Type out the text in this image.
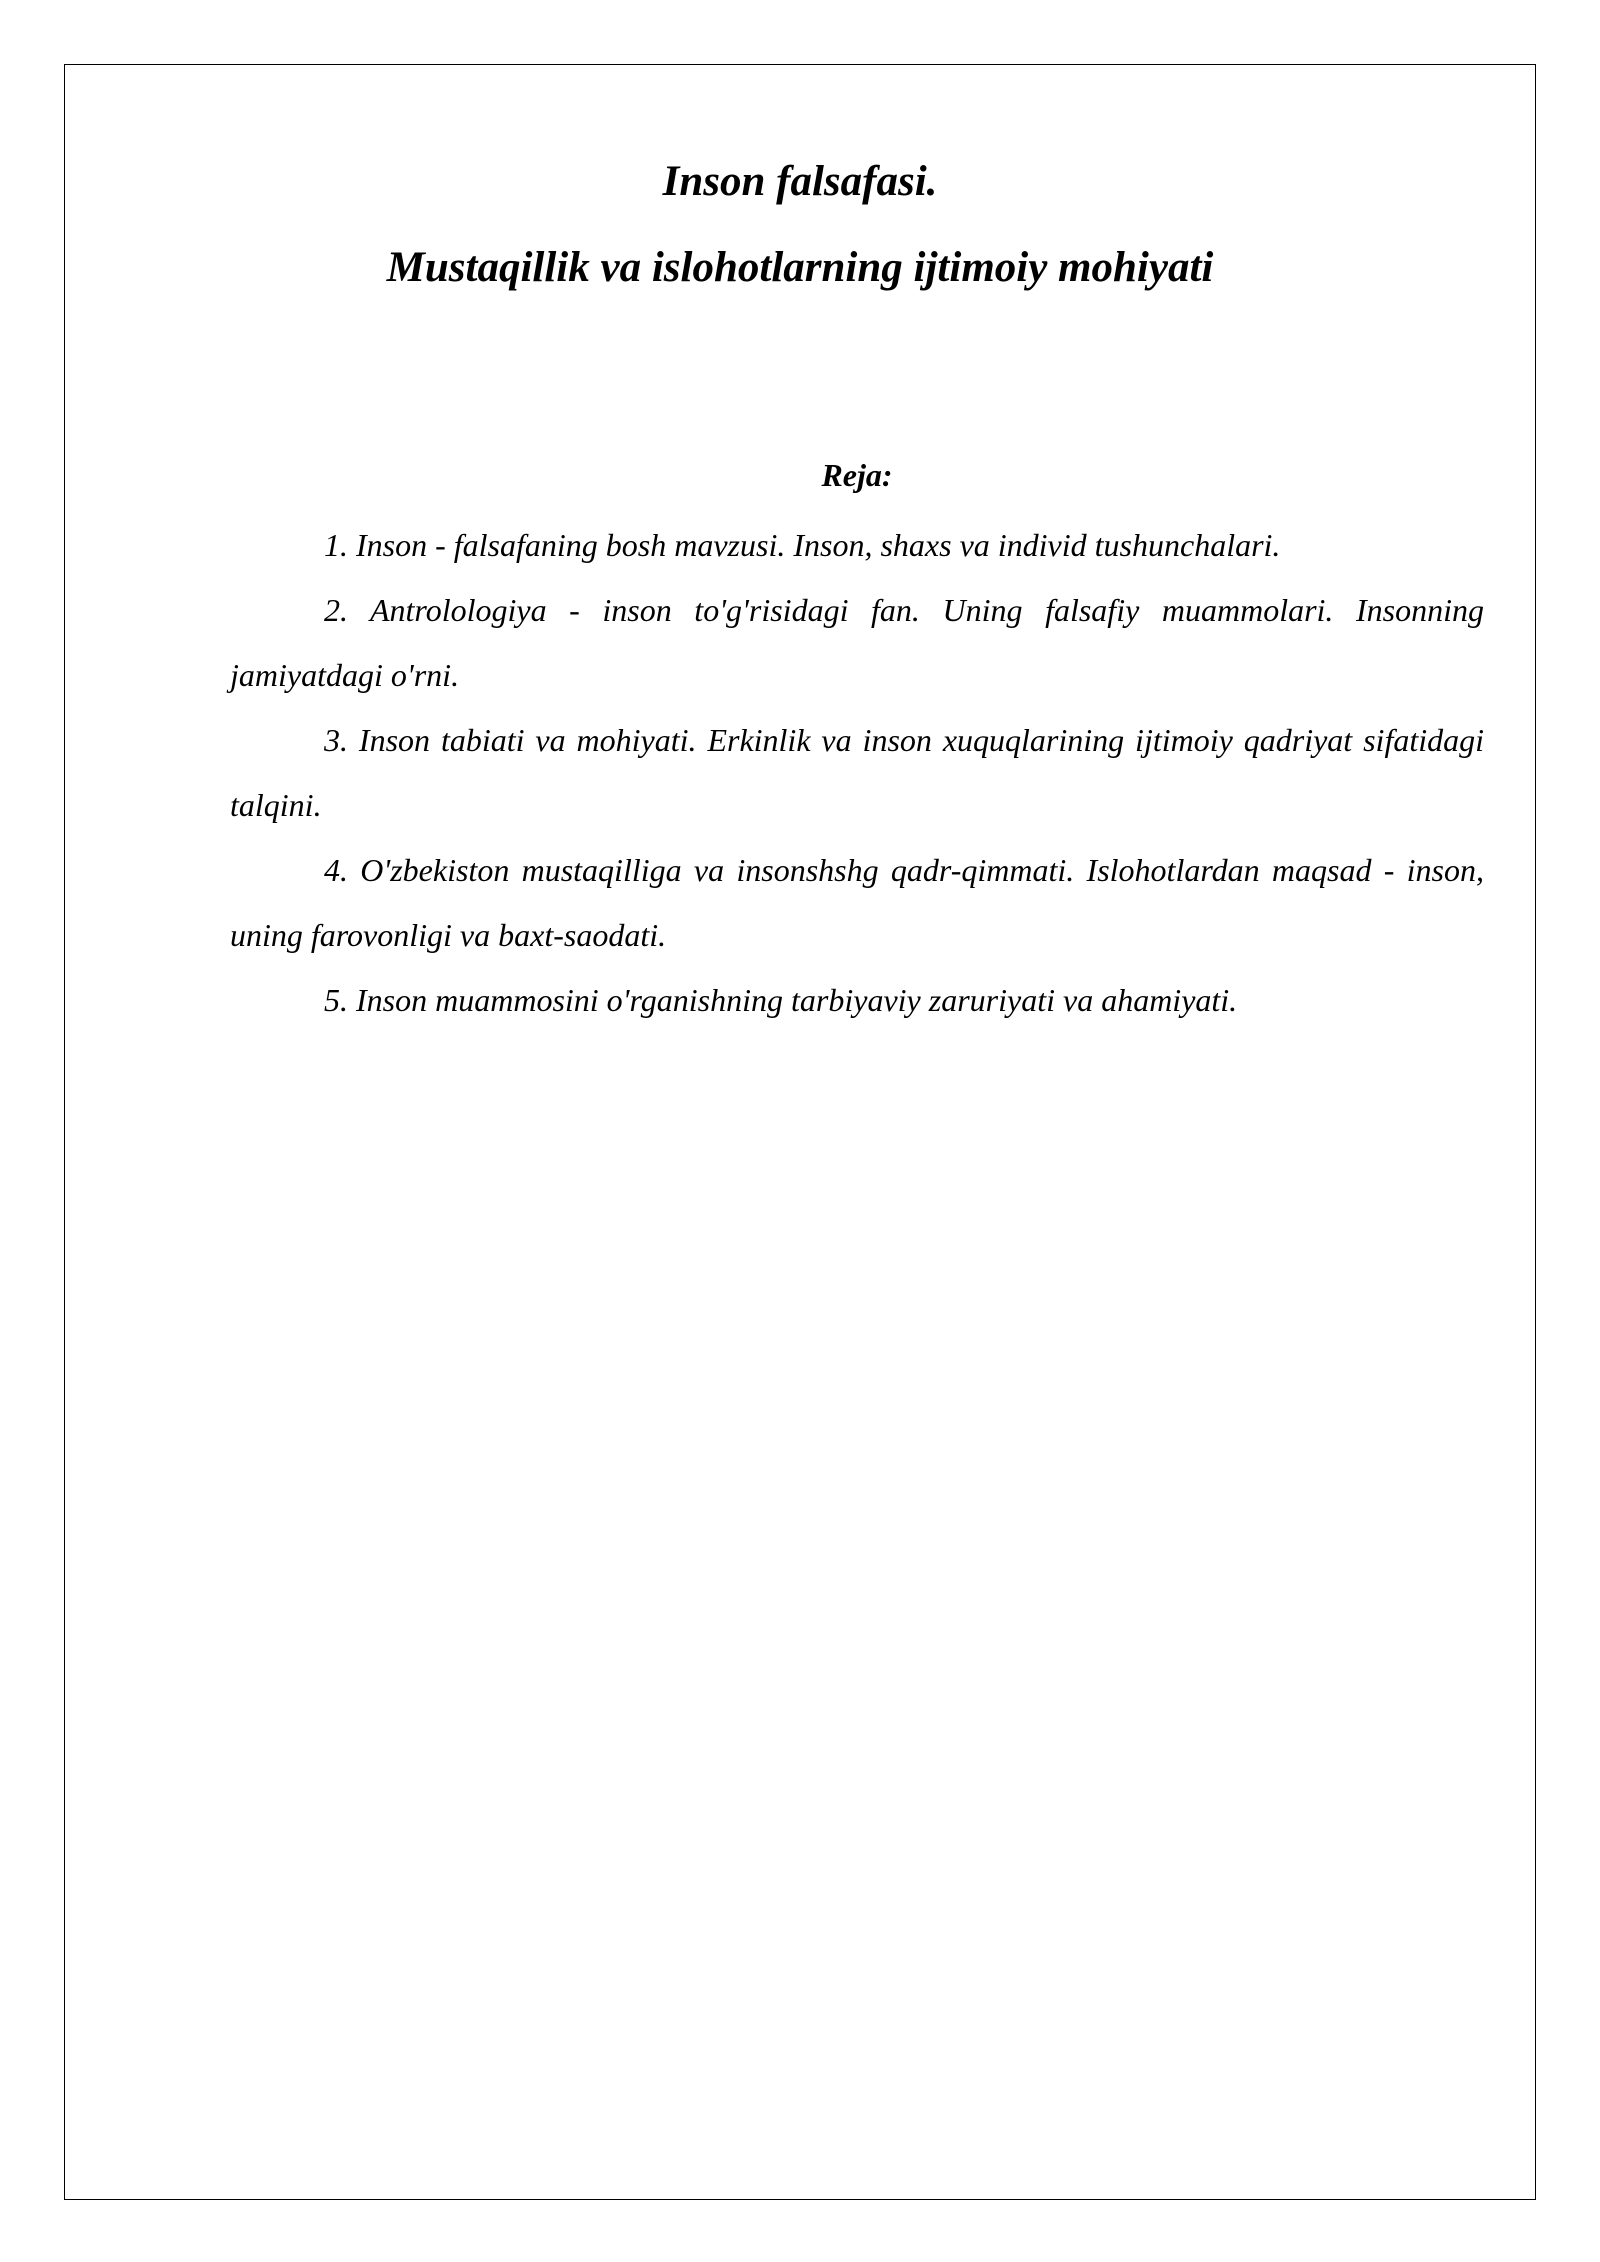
Inson falsafasi.
Mustaqillik va islohotlarning ijtimoiy mohiyati

Reja:

1. Inson - falsafaning bosh mavzusi. Inson, shaxs va individ tushunchalari.
2. Antrolologiya - inson to'g'risidagi fan. Uning falsafiy muammolari. Insonning jamiyatdagi o'rni.
3. Inson tabiati va mohiyati. Erkinlik va inson xuquqlarining ijtimoiy qadriyat sifatidagi talqini.
4. O'zbekiston mustaqilliga va insonshshg qadr-qimmati. Islohotlardan maqsad - inson, uning farovonligi va baxt-saodati.
5. Inson muammosini o'rganishning tarbiyaviy zaruriyati va ahamiyati.
